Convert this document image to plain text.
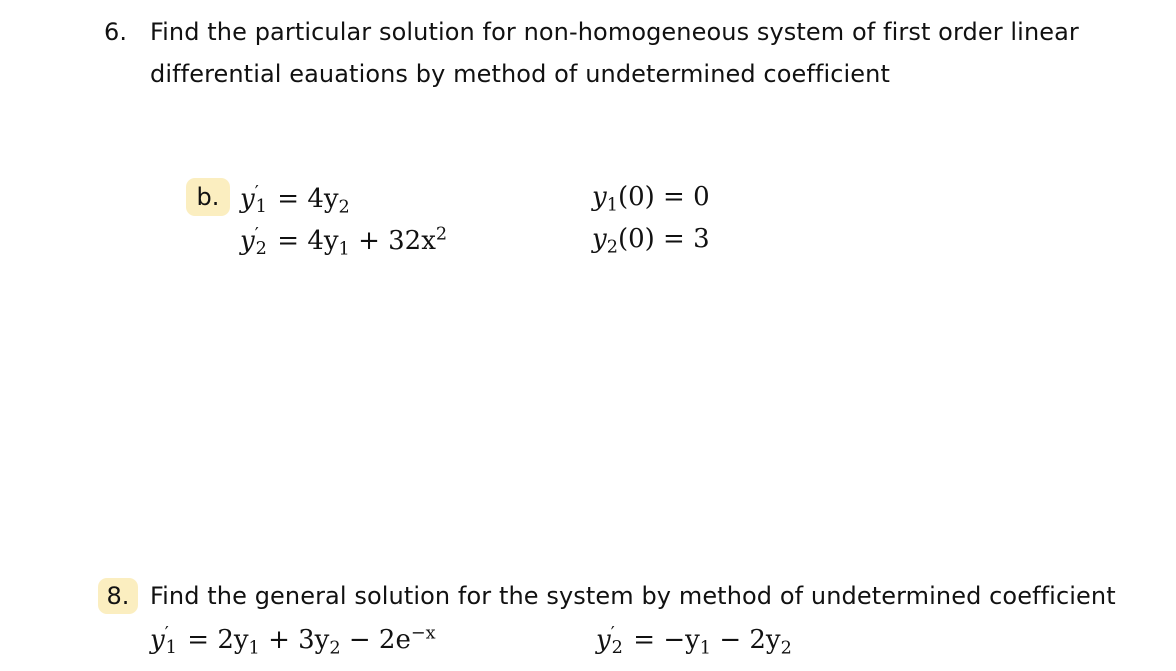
6. Find the particular solution for non-homogeneous system of first order linear
differential eauations by method of undetermined coefficient
b. y ′
$1 = 4y_2$
y ′
$2 = 4y_1 + 32x^2$
$y_1(0) = 0$
$y_2(0) = 3$
8. Find the general solution for the system by method of undetermined coefficient
y ′
$1 = 2y_1 + 3y_2 - 2e^{-x}$	y ′
$2 = -y_1 - 2y_2$
